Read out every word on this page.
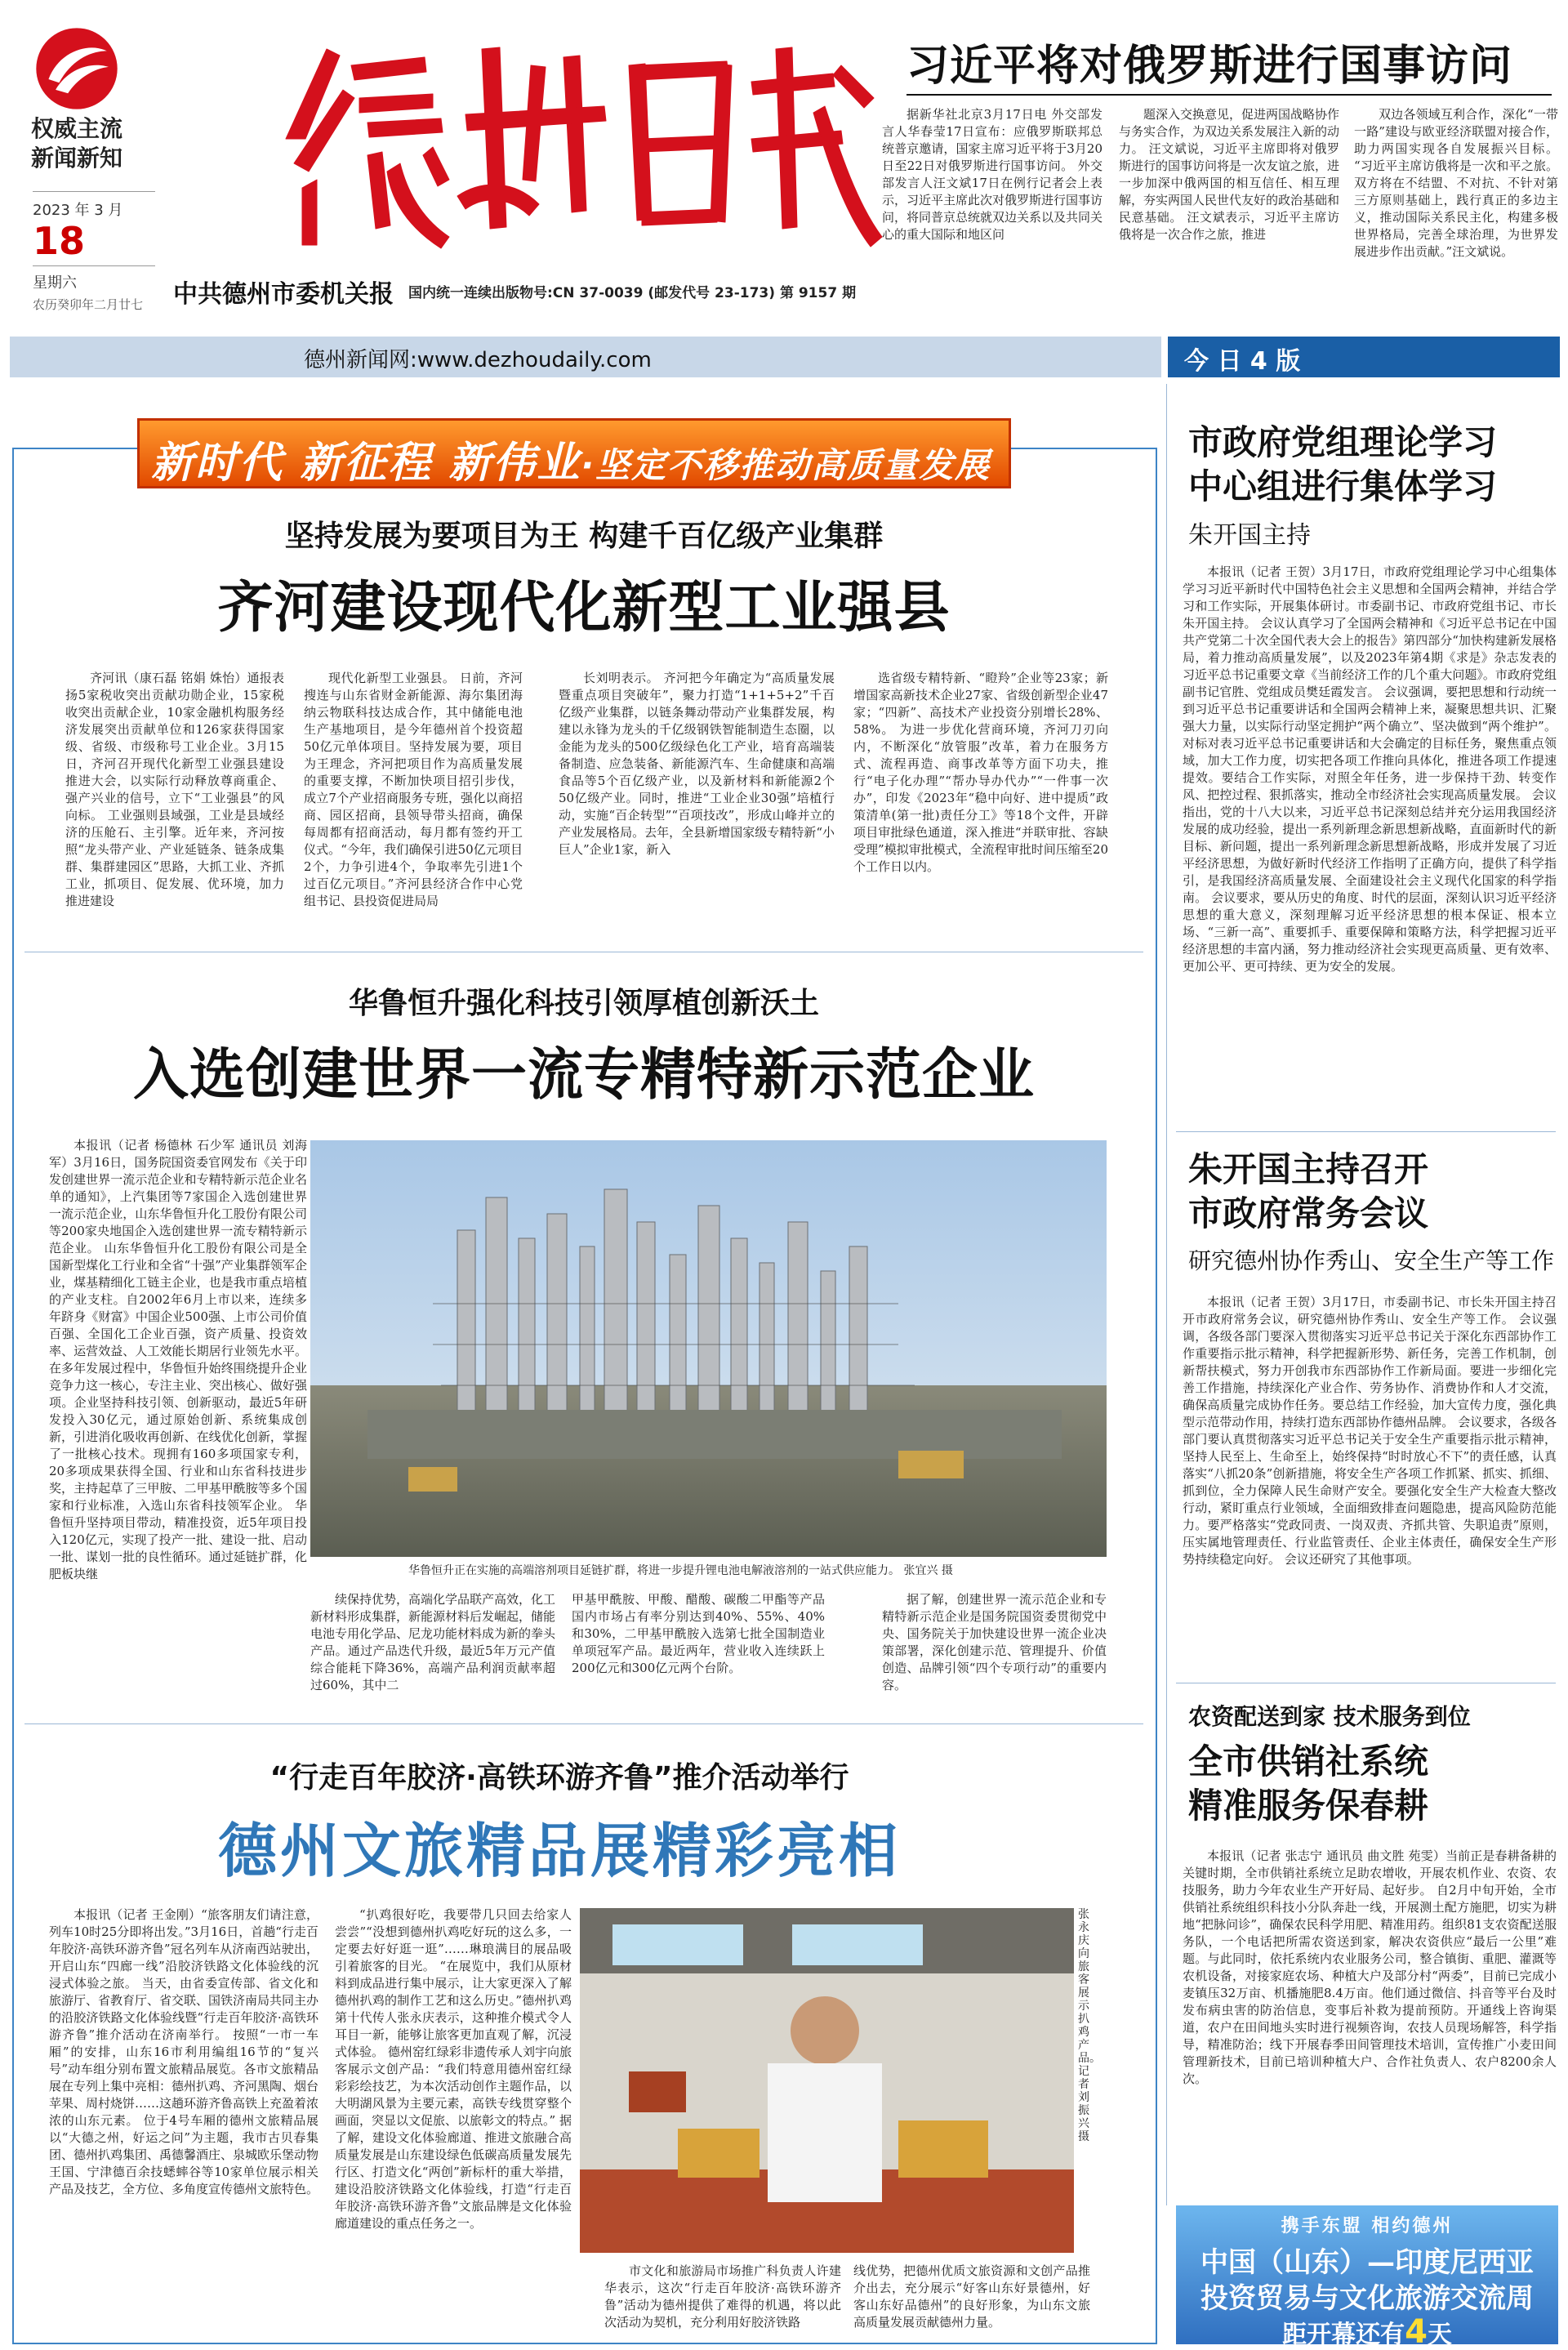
权威主流
新闻新知
2023 年 3 月
18
星期六
农历癸卯年二月廿七	中共德州市委机关报 国内统一连续出版物号:CN 37-0039 (邮发代号 23-173) 第 9157 期
习近平将对俄罗斯进行国事访问
据新华社北京3月17日电 外交部发言人华春莹17日宣布：应俄罗斯联邦总统普京邀请，国家主席习近平将于3月20日至22日对俄罗斯进行国事访问。 外交部发言人汪文斌17日在例行记者会上表示，习近平主席此次对俄罗斯进行国事访问，将同普京总统就双边关系以及共同关心的重大国际和地区问
题深入交换意见，促进两国战略协作与务实合作，为双边关系发展注入新的动力。 汪文斌说，习近平主席即将对俄罗斯进行的国事访问将是一次友谊之旅，进一步加深中俄两国的相互信任、相互理解，夯实两国人民世代友好的政治基础和民意基础。 汪文斌表示，习近平主席访俄将是一次合作之旅，推进
双边各领域互利合作，深化“一带一路”建设与欧亚经济联盟对接合作，助力两国实现各自发展振兴目标。 “习近平主席访俄将是一次和平之旅。双方将在不结盟、不对抗、不针对第三方原则基础上，践行真正的多边主义，推动国际关系民主化，构建多极世界格局，完善全球治理，为世界发展进步作出贡献。”汪文斌说。
德州新闻网:www.dezhoudaily.com	今 日 4 版
新时代 新征程 新伟业·坚定不移推动高质量发展
坚持发展为要项目为王 构建千百亿级产业集群
齐河建设现代化新型工业强县
齐河讯（康石磊 铭娟 姝怡）通报表扬5家税收突出贡献功勋企业，15家税收突出贡献企业，10家金融机构服务经济发展突出贡献单位和126家获得国家级、省级、市级称号工业企业。3月15日，齐河召开现代化新型工业强县建设推进大会，以实际行动释放尊商重企、强产兴业的信号，立下“工业强县”的风向标。 工业强则县域强，工业是县域经济的压舱石、主引擎。近年来，齐河按照“龙头带产业、产业延链条、链条成集群、集群建园区”思路，大抓工业、齐抓工业，抓项目、促发展、优环境，加力推进建设
现代化新型工业强县。 日前，齐河搜连与山东省财金新能源、海尔集团海纳云物联科技达成合作，其中储能电池生产基地项目，是今年德州首个投资超50亿元单体项目。坚持发展为要，项目为王理念，齐河把项目作为高质量发展的重要支撑，不断加快项目招引步伐，成立7个产业招商服务专班，强化以商招商、园区招商，县领导带头招商，确保每周都有招商活动，每月都有签约开工仪式。“今年，我们确保引进50亿元项目2个，力争引进4个，争取率先引进1个过百亿元项目。”齐河县经济合作中心党组书记、县投资促进局局
长刘明表示。 齐河把今年确定为“高质量发展暨重点项目突破年”，聚力打造“1+1+5+2”千百亿级产业集群，以链条舞动带动产业集群发展，构建以永锋为龙头的千亿级钢铁智能制造生态圈，以金能为龙头的500亿级绿色化工产业，培育高端装备制造、应急装备、新能源汽车、生命健康和高端食品等5个百亿级产业，以及新材料和新能源2个50亿级产业。同时，推进“工业企业30强”培植行动，实施“百企转型”“百项技改”，形成山峰并立的产业发展格局。去年，全县新增国家级专精特新“小巨人”企业1家，新入
选省级专精特新、“瞪羚”企业等23家；新增国家高新技术企业27家、省级创新型企业47家；“四新”、高技术产业投资分别增长28%、58%。 为进一步优化营商环境，齐河刀刃向内，不断深化“放管服”改革，着力在服务方式、流程再造、商事改革等方面下功夫，推行“电子化办理”“帮办导办代办”“一件事一次办”，印发《2023年“稳中向好、进中提质”政策清单(第一批)责任分工》等18个文件，开辟项目审批绿色通道，深入推进“并联审批、容缺受理”模拟审批模式，全流程审批时间压缩至20个工作日以内。
华鲁恒升强化科技引领厚植创新沃土
入选创建世界一流专精特新示范企业
本报讯（记者 杨德林 石少军 通讯员 刘海军）3月16日，国务院国资委官网发布《关于印发创建世界一流示范企业和专精特新示范企业名单的通知》，上汽集团等7家国企入选创建世界一流示范企业，山东华鲁恒升化工股份有限公司等200家央地国企入选创建世界一流专精特新示范企业。 山东华鲁恒升化工股份有限公司是全国新型煤化工行业和全省“十强”产业集群领军企业，煤基精细化工链主企业，也是我市重点培植的产业支柱。自2002年6月上市以来，连续多年跻身《财富》中国企业500强、上市公司价值百强、全国化工企业百强，资产质量、投资效率、运营效益、人工效能长期居行业领先水平。 在多年发展过程中，华鲁恒升始终围绕提升企业竞争力这一核心，专注主业、突出核心、做好强项。企业坚持科技引领、创新驱动，最近5年研发投入30亿元，通过原始创新、系统集成创新，引进消化吸收再创新、在线优化创新，掌握了一批核心技术。现拥有160多项国家专利，20多项成果获得全国、行业和山东省科技进步奖，主持起草了三甲胺、二甲基甲酰胺等多个国家和行业标准，入选山东省科技领军企业。 华鲁恒升坚持项目带动，精准投资，近5年项目投入120亿元，实现了投产一批、建设一批、启动一批、谋划一批的良性循环。通过延链扩群，化肥板块继	华鲁恒升正在实施的高端溶剂项目延链扩群，将进一步提升锂电池电解液溶剂的一站式供应能力。 张宜兴 摄
续保持优势，高端化学品联产高效，化工新材料形成集群，新能源材料后发崛起，储能电池专用化学品、尼龙功能材料成为新的拳头产品。通过产品迭代升级，最近5年万元产值综合能耗下降36%，高端产品利润贡献率超过60%，其中二
甲基甲酰胺、甲酸、醋酸、碳酸二甲酯等产品国内市场占有率分别达到40%、55%、40%和30%，二甲基甲酰胺入选第七批全国制造业单项冠军产品。最近两年，营业收入连续跃上200亿元和300亿元两个台阶。
据了解，创建世界一流示范企业和专精特新示范企业是国务院国资委贯彻党中央、国务院关于加快建设世界一流企业决策部署，深化创建示范、管理提升、价值创造、品牌引领“四个专项行动”的重要内容。
“行走百年胶济·高铁环游齐鲁”推介活动举行
德州文旅精品展精彩亮相
本报讯（记者 王金刚）“旅客朋友们请注意，列车10时25分即将出发。”3月16日，首趟“行走百年胶济·高铁环游齐鲁”冠名列车从济南西站驶出，开启山东“四廊一线”沿胶济铁路文化体验线的沉浸式体验之旅。 当天，由省委宣传部、省文化和旅游厅、省教育厅、省交联、国铁济南局共同主办的沿胶济铁路文化体验线暨“行走百年胶济·高铁环游齐鲁”推介活动在济南举行。 按照“一市一车厢”的安排，山东16市利用编组16节的“复兴号”动车组分别布置文旅精品展览。各市文旅精品展在专列上集中亮相：德州扒鸡、齐河黑陶、烟台苹果、周村烧饼……这趟环游齐鲁高铁上充盈着浓浓的山东元素。 位于4号车厢的德州文旅精品展以“大德之州，好运之问”为主题，我市古贝春集团、德州扒鸡集团、禹德馨酒庄、泉城欧乐堡动物王国、宁津德百余技蟋蟀谷等10家单位展示相关产品及技艺，全方位、多角度宣传德州文旅特色。
“扒鸡很好吃，我要带几只回去给家人尝尝”“没想到德州扒鸡吃好玩的这么多，一定要去好好逛一逛”……琳琅满目的展品吸引着旅客的目光。 “在展览中，我们从原材料到成品进行集中展示，让大家更深入了解德州扒鸡的制作工艺和这么历史。”德州扒鸡第十代传人张永庆表示，这种推介模式令人耳目一新，能够让旅客更加直观了解，沉浸式体验。 德州窑红绿彩非遗传承人刘宇向旅客展示文创产品：“我们特意用德州窑红绿彩彩绘技艺，为本次活动创作主题作品，以大明湖风景为主要元素，高铁专线贯穿整个画面，突显以文促旅、以旅彰文的特点。” 据了解，建设文化体验廊道、推进文旅融合高质量发展是山东建设绿色低碳高质量发展先行区、打造文化“两创”新标杆的重大举措，建设沿胶济铁路文化体验线，打造“行走百年胶济·高铁环游齐鲁”文旅品牌是文化体验廊道建设的重点任务之一。
张永庆向旅客展示扒鸡产品。 记者 刘振兴 摄
市文化和旅游局市场推广科负责人许建华表示，这次“行走百年胶济·高铁环游齐鲁”活动为德州提供了难得的机遇，将以此次活动为契机，充分利用好胶济铁路
线优势，把德州优质文旅资源和文创产品推介出去，充分展示“好客山东好景德州，好客山东好品德州”的良好形象，为山东文旅高质量发展贡献德州力量。
市政府党组理论学习
中心组进行集体学习
朱开国主持
本报讯（记者 王贺）3月17日，市政府党组理论学习中心组集体学习习近平新时代中国特色社会主义思想和全国两会精神，并结合学习和工作实际，开展集体研讨。市委副书记、市政府党组书记、市长朱开国主持。 会议认真学习了全国两会精神和《习近平总书记在中国共产党第二十次全国代表大会上的报告》第四部分“加快构建新发展格局，着力推动高质量发展”，以及2023年第4期《求是》杂志发表的习近平总书记重要文章《当前经济工作的几个重大问题》。市政府党组副书记官胜、党组成员樊廷霞发言。 会议强调，要把思想和行动统一到习近平总书记重要讲话和全国两会精神上来，凝聚思想共识、汇聚强大力量，以实际行动坚定拥护“两个确立”、坚决做到“两个维护”。对标对表习近平总书记重要讲话和大会确定的目标任务，聚焦重点领域，加大工作力度，切实把各项工作推向具体化，推进各项工作提速提效。要结合工作实际，对照全年任务，进一步保持干劲、转变作风、把控过程、狠抓落实，推动全市经济社会实现高质量发展。 会议指出，党的十八大以来，习近平总书记深刻总结并充分运用我国经济发展的成功经验，提出一系列新理念新思想新战略，直面新时代的新目标、新问题，提出一系列新理念新思想新战略，形成并发展了习近平经济思想，为做好新时代经济工作指明了正确方向，提供了科学指引，是我国经济高质量发展、全面建设社会主义现代化国家的科学指南。 会议要求，要从历史的角度、时代的层面，深刻认识习近平经济思想的重大意义，深刻理解习近平经济思想的根本保证、根本立场、“三新一高”、重要抓手、重要保障和策略方法，科学把握习近平经济思想的丰富内涵，努力推动经济社会实现更高质量、更有效率、更加公平、更可持续、更为安全的发展。
朱开国主持召开
市政府常务会议
研究德州协作秀山、安全生产等工作
本报讯（记者 王贺）3月17日，市委副书记、市长朱开国主持召开市政府常务会议，研究德州协作秀山、安全生产等工作。 会议强调，各级各部门要深入贯彻落实习近平总书记关于深化东西部协作工作重要指示批示精神，科学把握新形势、新任务，完善工作机制，创新帮扶模式，努力开创我市东西部协作工作新局面。要进一步细化完善工作措施，持续深化产业合作、劳务协作、消费协作和人才交流，确保高质量完成协作任务。要总结工作经验，加大宣传力度，强化典型示范带动作用，持续打造东西部协作德州品牌。 会议要求，各级各部门要认真贯彻落实习近平总书记关于安全生产重要指示批示精神，坚持人民至上、生命至上，始终保持“时时放心不下”的责任感，认真落实“八抓20条”创新措施，将安全生产各项工作抓紧、抓实、抓细、抓到位，全力保障人民生命财产安全。要强化安全生产大检查大整改行动，紧盯重点行业领域，全面细致排查问题隐患，提高风险防范能力。要严格落实“党政同责、一岗双责、齐抓共管、失职追责”原则，压实属地管理责任、行业监管责任、企业主体责任，确保安全生产形势持续稳定向好。 会议还研究了其他事项。
农资配送到家 技术服务到位
全市供销社系统
精准服务保春耕
本报讯（记者 张志宁 通讯员 曲文胜 苑雯）当前正是春耕备耕的关键时期，全市供销社系统立足助农增收，开展农机作业、农资、农技服务，助力今年农业生产开好局、起好步。 自2月中旬开始，全市供销社系统组织科技小分队奔赴一线，开展测土配方施肥，切实为耕地“把脉问诊”，确保农民科学用肥、精准用药。组织81支农资配送服务队，一个电话把所需农资送到家，解决农资供应“最后一公里”难题。与此同时，依托系统内农业服务公司，整合镇街、重肥、灌溉等农机设备，对接家庭农场、种植大户及部分村“两委”，目前已完成小麦镇压32万亩、机播施肥8.4万亩。他们通过微信、抖音等平台及时发布病虫害的防治信息，变事后补救为提前预防。开通线上咨询渠道，农户在田间地头实时进行视频咨询，农技人员现场解答，科学指导，精准防治；线下开展春季田间管理技术培训，宣传推广小麦田间管理新技术，目前已培训种植大户、合作社负责人、农户8200余人次。
携手东盟 相约德州
中国（山东）—印度尼西亚
投资贸易与文化旅游交流周
距开幕还有4天
